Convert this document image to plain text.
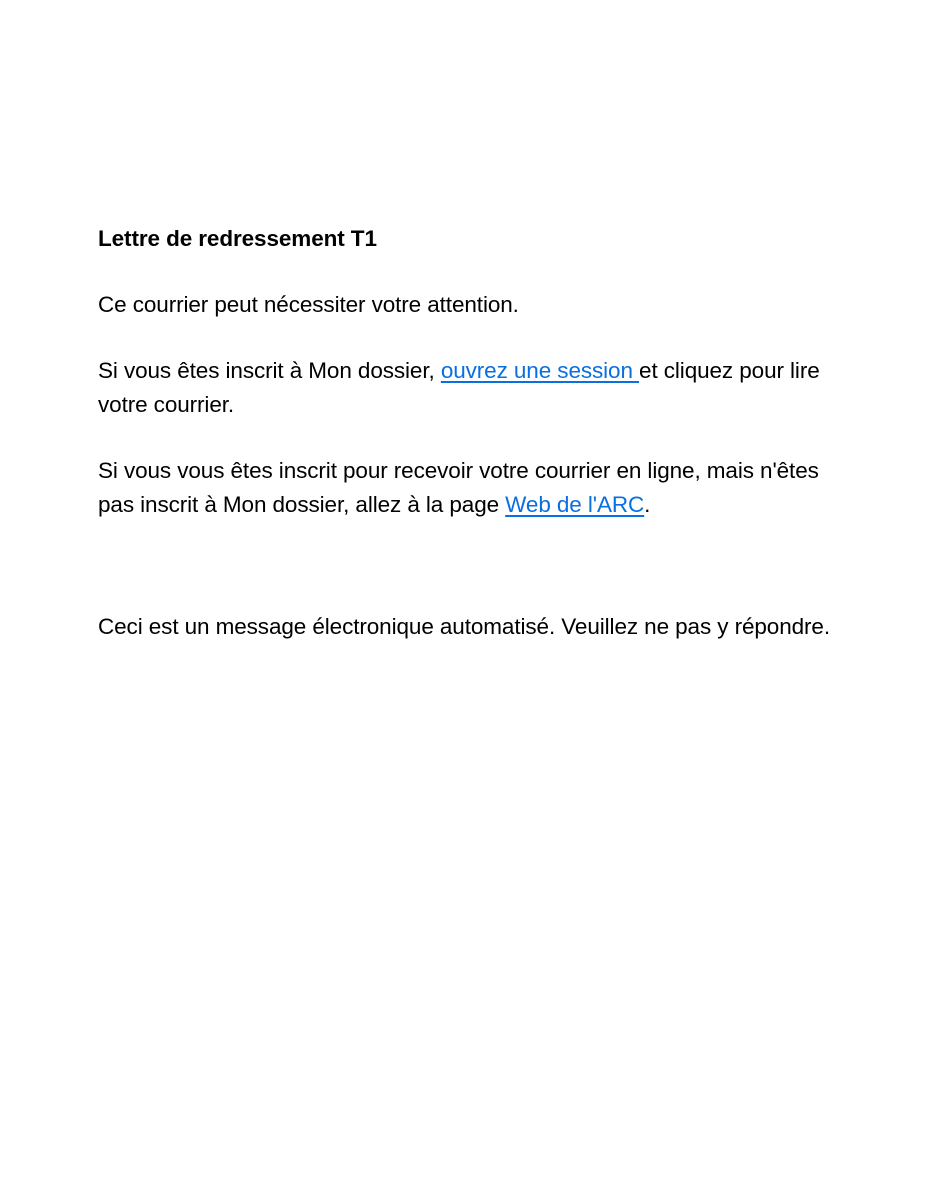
Lettre de redressement T1

Ce courrier peut nécessiter votre attention.

Si vous êtes inscrit à Mon dossier, ouvrez une session et cliquez pour lire votre courrier.

Si vous vous êtes inscrit pour recevoir votre courrier en ligne, mais n'êtes pas inscrit à Mon dossier, allez à la page Web de l'ARC.

Ceci est un message électronique automatisé. Veuillez ne pas y répondre.
